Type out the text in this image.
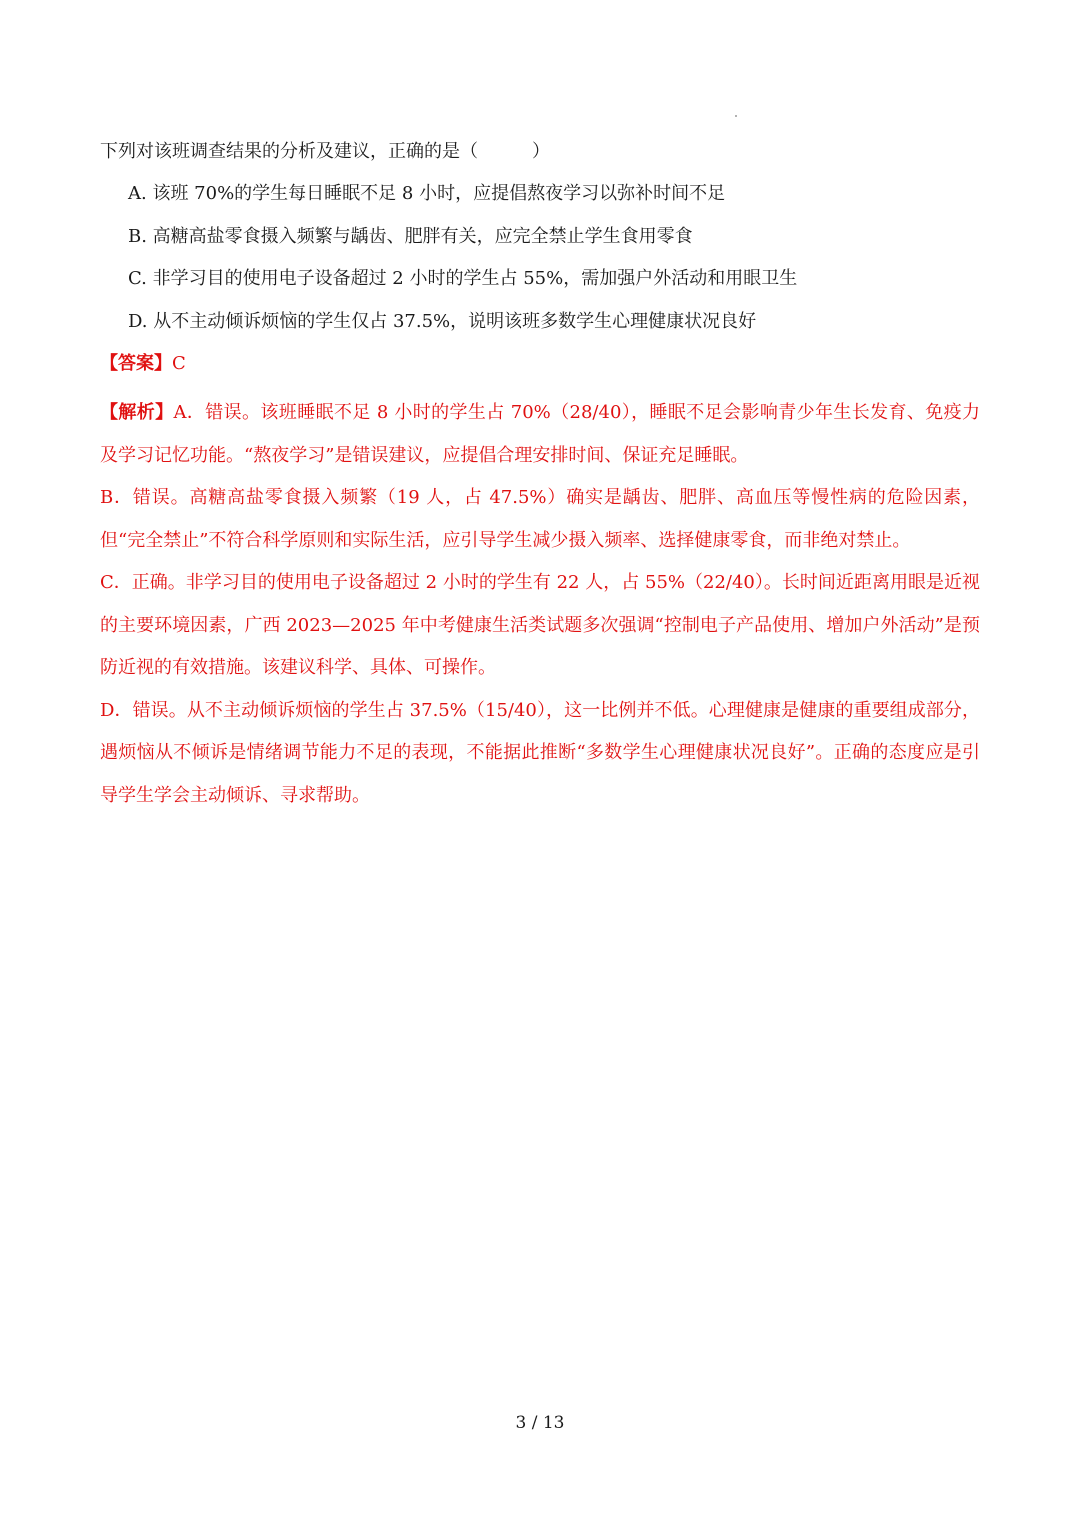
下列对该班调查结果的分析及建议，正确的是（　　　）
A. 该班 70%的学生每日睡眠不足 8 小时，应提倡熬夜学习以弥补时间不足
B. 高糖高盐零食摄入频繁与龋齿、肥胖有关，应完全禁止学生食用零食
C. 非学习目的使用电子设备超过 2 小时的学生占 55%，需加强户外活动和用眼卫生
D. 从不主动倾诉烦恼的学生仅占 37.5%，说明该班多数学生心理健康状况良好
【答案】C

【解析】A．错误。该班睡眠不足 8 小时的学生占 70%（28/40），睡眠不足会影响青少年生长发育、免疫力及学习记忆功能。“熬夜学习”是错误建议，应提倡合理安排时间、保证充足睡眠。

B．错误。高糖高盐零食摄入频繁（19 人，占 47.5%）确实是龋齿、肥胖、高血压等慢性病的危险因素，但“完全禁止”不符合科学原则和实际生活，应引导学生减少摄入频率、选择健康零食，而非绝对禁止。

C．正确。非学习目的使用电子设备超过 2 小时的学生有 22 人，占 55%（22/40）。长时间近距离用眼是近视的主要环境因素，广西 2023—2025 年中考健康生活类试题多次强调“控制电子产品使用、增加户外活动”是预防近视的有效措施。该建议科学、具体、可操作。

D．错误。从不主动倾诉烦恼的学生占 37.5%（15/40），这一比例并不低。心理健康是健康的重要组成部分，遇烦恼从不倾诉是情绪调节能力不足的表现，不能据此推断“多数学生心理健康状况良好”。正确的态度应是引导学生学会主动倾诉、寻求帮助。

3 / 13
